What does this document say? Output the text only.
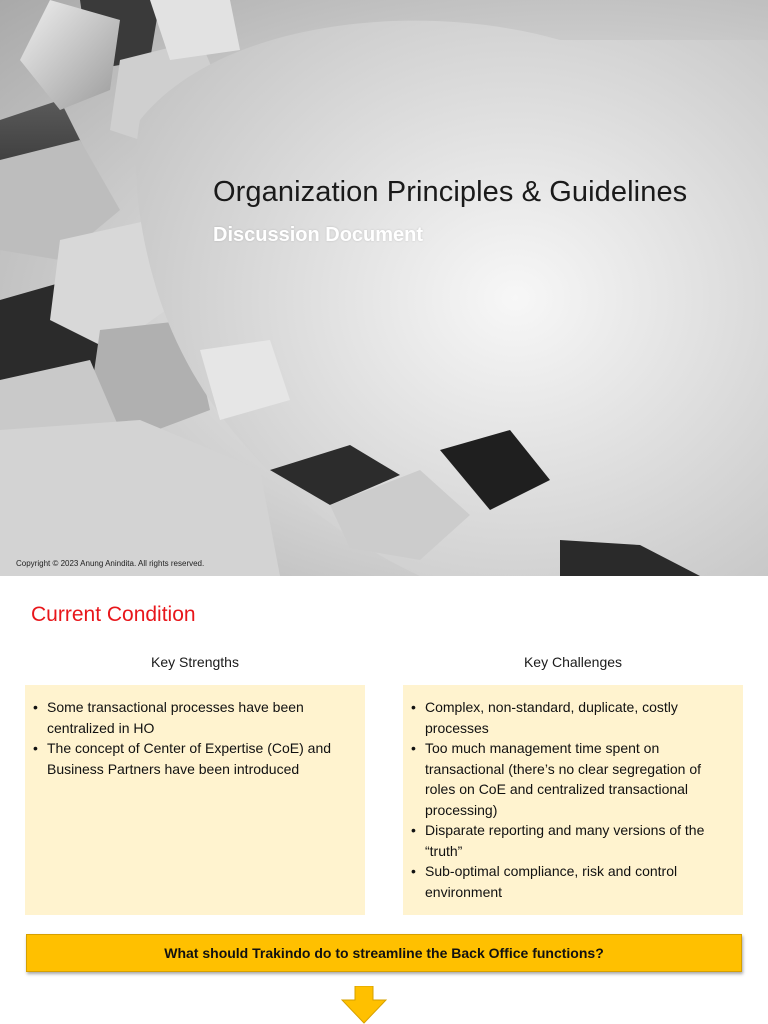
Organization Principles & Guidelines
Discussion Document
Copyright © 2023 Anung Anindita. All rights reserved.
Current Condition
Key Strengths	Key Challenges
• Some transactional processes have been centralized in HO
• The concept of Center of Expertise (CoE) and Business Partners have been introduced
• Complex, non-standard, duplicate, costly processes
• Too much management time spent on transactional (there’s no clear segregation of roles on CoE and centralized transactional processing)
• Disparate reporting and many versions of the “truth”
• Sub-optimal compliance, risk and control environment
What should Trakindo do to streamline the Back Office functions?
